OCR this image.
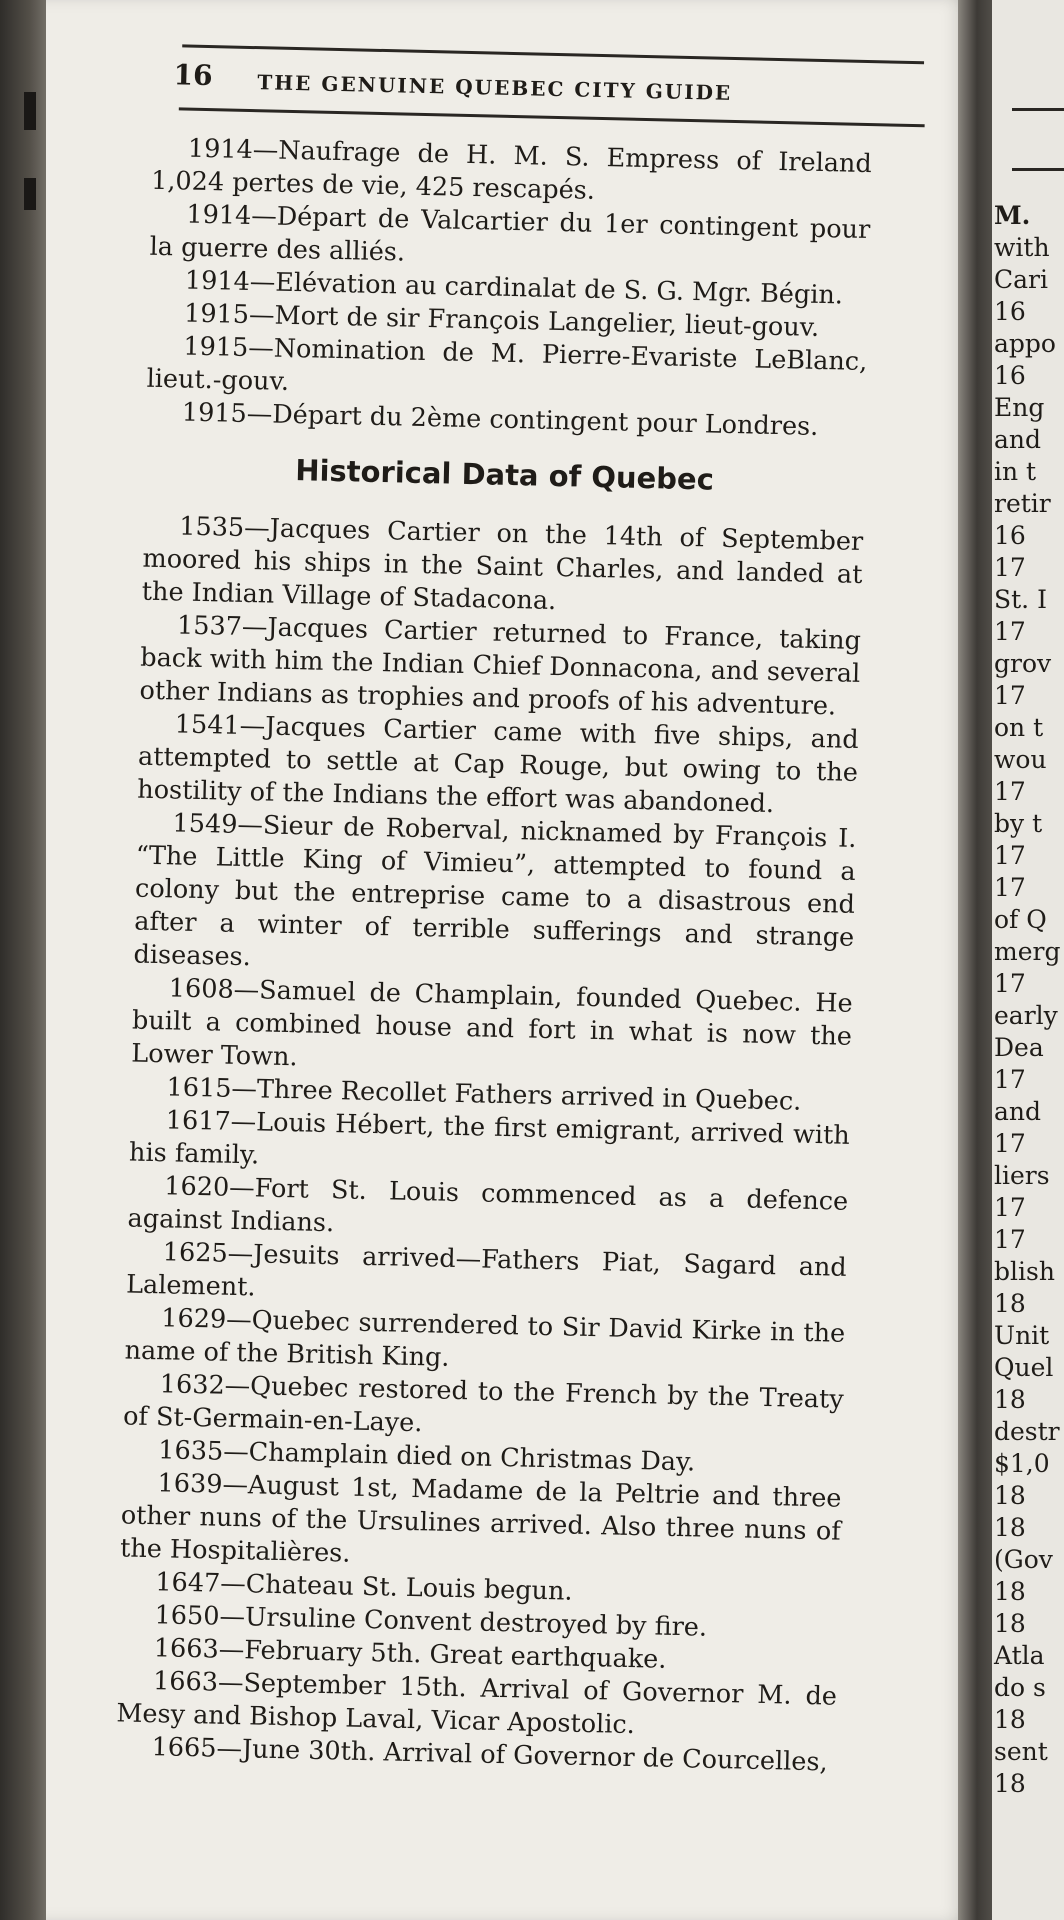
16 THE GENUINE QUEBEC CITY GUIDE

1914—Naufrage de H. M. S. Empress of Ireland 1,024 pertes de vie, 425 rescapés.

1914—Départ de Valcartier du 1er contingent pour la guerre des alliés.

1914—Elévation au cardinalat de S. G. Mgr. Bégin.

1915—Mort de sir François Langelier, lieut-gouv.

1915—Nomination de M. Pierre-Evariste LeBlanc, lieut.-gouv.

1915—Départ du 2ème contingent pour Londres.

Historical Data of Quebec

1535—Jacques Cartier on the 14th of September moored his ships in the Saint Charles, and landed at the Indian Village of Stadacona.

1537—Jacques Cartier returned to France, taking back with him the Indian Chief Donnacona, and several other Indians as trophies and proofs of his adventure.

1541—Jacques Cartier came with five ships, and attempted to settle at Cap Rouge, but owing to the hostility of the Indians the effort was abandoned.

1549—Sieur de Roberval, nicknamed by François I. “The Little King of Vimieu”, attempted to found a colony but the entreprise came to a disastrous end after a winter of terrible sufferings and strange diseases.

1608—Samuel de Champlain, founded Quebec. He built a combined house and fort in what is now the Lower Town.

1615—Three Recollet Fathers arrived in Quebec.

1617—Louis Hébert, the first emigrant, arrived with his family.

1620—Fort St. Louis commenced as a defence against Indians.

1625—Jesuits arrived—Fathers Piat, Sagard and Lalement.

1629—Quebec surrendered to Sir David Kirke in the name of the British King.

1632—Quebec restored to the French by the Treaty of St-Germain-en-Laye.

1635—Champlain died on Christmas Day.

1639—August 1st, Madame de la Peltrie and three other nuns of the Ursulines arrived. Also three nuns of the Hospitalières.

1647—Chateau St. Louis begun.

1650—Ursuline Convent destroyed by fire.

1663—February 5th. Great earthquake.

1663—September 15th. Arrival of Governor M. de Mesy and Bishop Laval, Vicar Apostolic.

1665—June 30th. Arrival of Governor de Courcelles,

M.

with

Cari

16

appo

16

Eng

and

in t

retir

16

17

St. I

17

grov

17

on t

wou

17

by t

17

17

of Q

merg

17

early

Dea

17

and

17

liers

17

17

blish

18

Unit

Quel

18

destr

$1,0

18

18

(Gov

18

18

Atla

do s

18

sent

18
